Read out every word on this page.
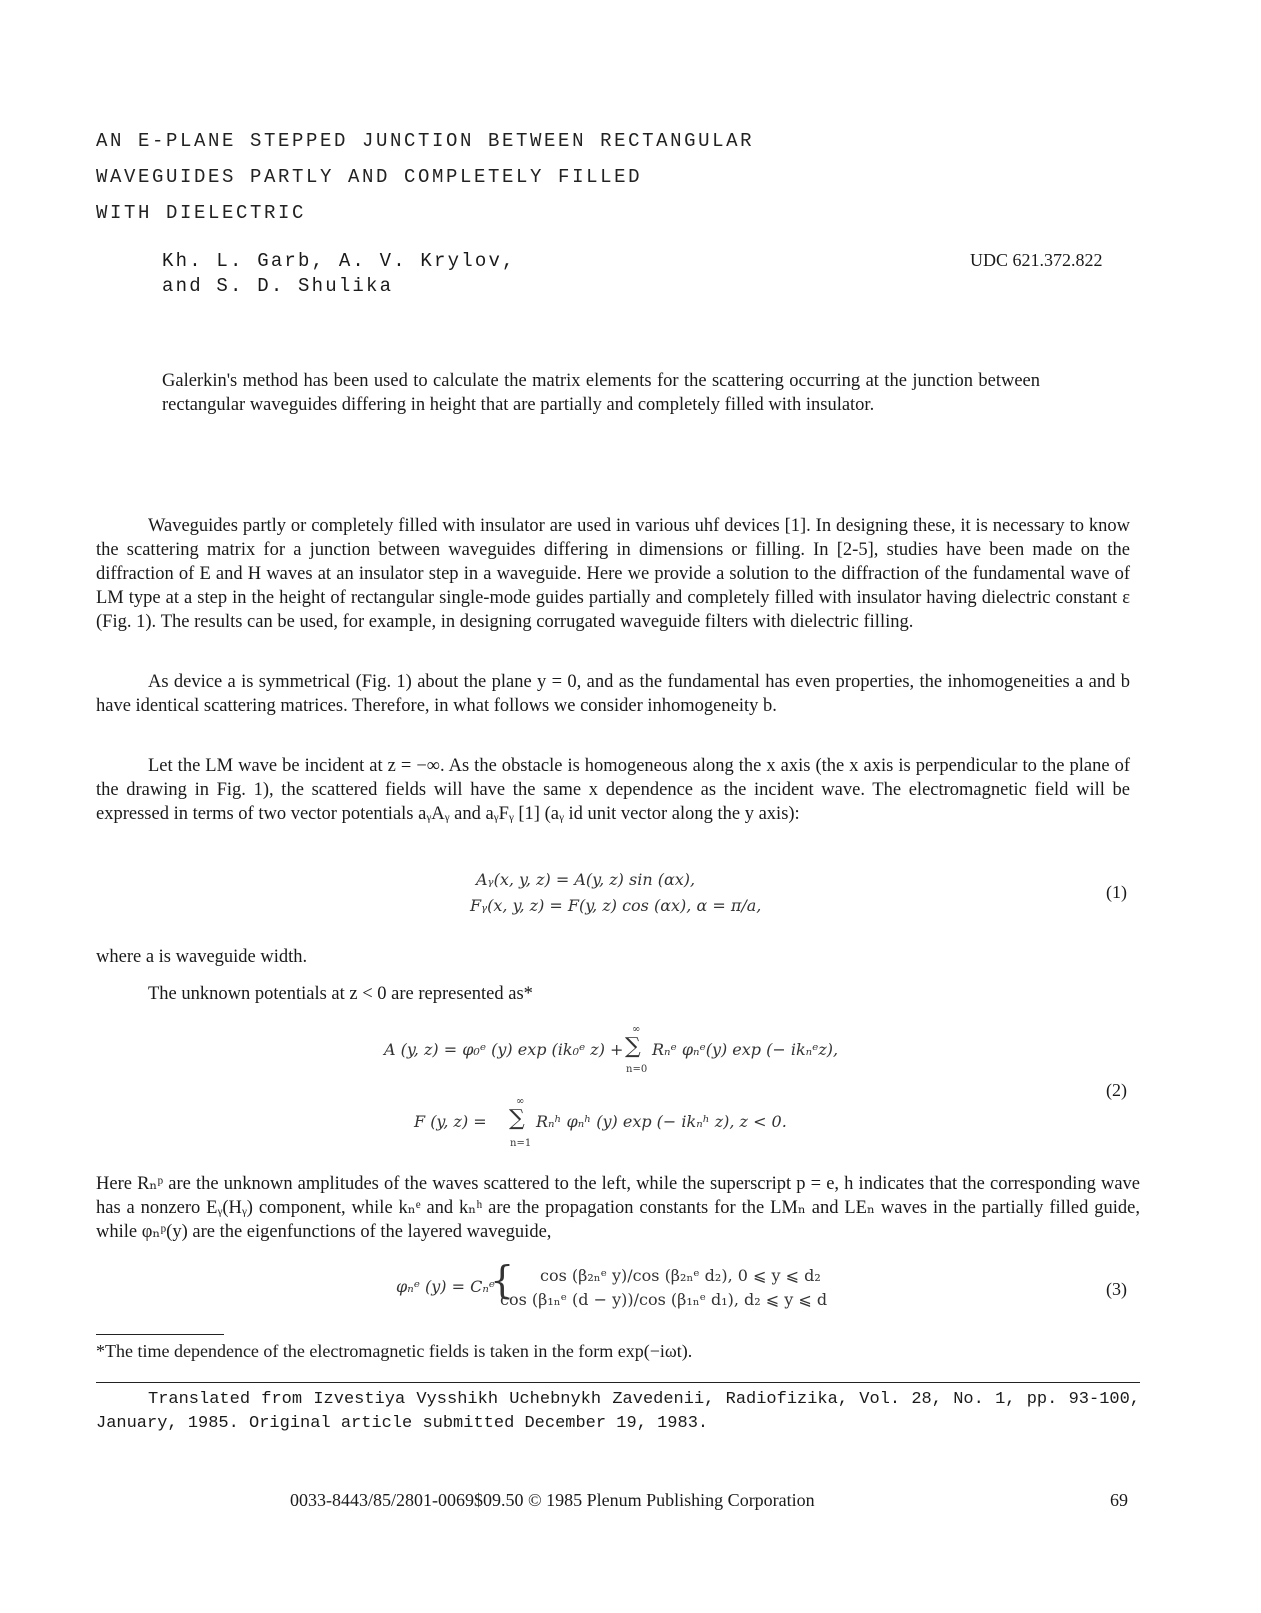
AN E-PLANE STEPPED JUNCTION BETWEEN RECTANGULAR
WAVEGUIDES PARTLY AND COMPLETELY FILLED
WITH DIELECTRIC
Kh. L. Garb, A. V. Krylov,
and S. D. Shulika
UDC 621.372.822
Galerkin's method has been used to calculate the matrix elements for the scattering occurring at the junction between rectangular waveguides differing in height that are partially and completely filled with insulator.
Waveguides partly or completely filled with insulator are used in various uhf devices [1]. In designing these, it is necessary to know the scattering matrix for a junction between waveguides differing in dimensions or filling. In [2-5], studies have been made on the diffraction of E and H waves at an insulator step in a waveguide. Here we provide a solution to the diffraction of the fundamental wave of LM type at a step in the height of rectangular single-mode guides partially and completely filled with insulator having dielectric constant ε (Fig. 1). The results can be used, for example, in designing corrugated waveguide filters with dielectric filling.
As device a is symmetrical (Fig. 1) about the plane y = 0, and as the fundamental has even properties, the inhomogeneities a and b have identical scattering matrices. Therefore, in what follows we consider inhomogeneity b.
Let the LM wave be incident at z = −∞. As the obstacle is homogeneous along the x axis (the x axis is perpendicular to the plane of the drawing in Fig. 1), the scattered fields will have the same x dependence as the incident wave. The electromagnetic field will be expressed in terms of two vector potentials aᵧAᵧ and aᵧFᵧ [1] (aᵧ id unit vector along the y axis):
Aᵧ(x, y, z) = A(y, z) sin (αx),
Fᵧ(x, y, z) = F(y, z) cos (αx), α = π/a,
(1)
where a is waveguide width.
The unknown potentials at z < 0 are represented as*
A (y, z) = φ₀ᵉ (y) exp (ik₀ᵉ z) +
∞
∑
n=0
Rₙᵉ φₙᵉ(y) exp (− ikₙᵉz),
F (y, z) =
∞
∑
n=1
Rₙʰ φₙʰ (y) exp (− ikₙʰ z), z < 0.
(2)
Here Rₙᵖ are the unknown amplitudes of the waves scattered to the left, while the superscript p = e, h indicates that the corresponding wave has a nonzero Eᵧ(Hᵧ) component, while kₙᵉ and kₙʰ are the propagation constants for the LMₙ and LEₙ waves in the partially filled guide, while φₙᵖ(y) are the eigenfunctions of the layered waveguide,
φₙᵉ (y) = Cₙᵉ
{ cos (β₂ₙᵉ y)/cos (β₂ₙᵉ d₂), 0 ⩽ y ⩽ d₂
cos (β₁ₙᵉ (d − y))/cos (β₁ₙᵉ d₁), d₂ ⩽ y ⩽ d
(3)
*The time dependence of the electromagnetic fields is taken in the form exp(−iωt).
Translated from Izvestiya Vysshikh Uchebnykh Zavedenii, Radiofizika, Vol. 28, No. 1, pp. 93-100, January, 1985. Original article submitted December 19, 1983.
0033-8443/85/2801-0069$09.50 © 1985 Plenum Publishing Corporation	69
